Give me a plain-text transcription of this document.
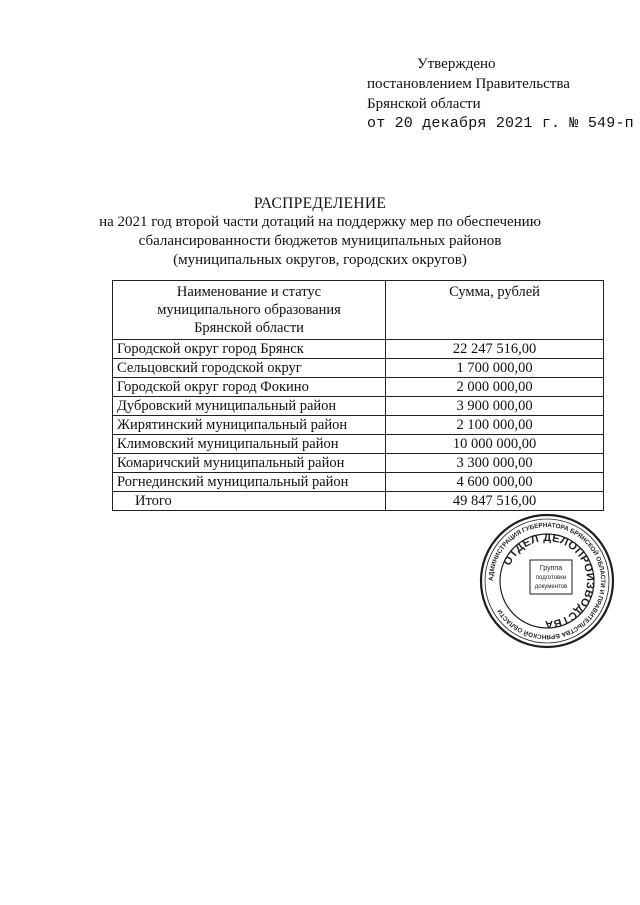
Утверждено
постановлением Правительства
Брянской области
от 20 декабря 2021 г. № 549-п
РАСПРЕДЕЛЕНИЕ
на 2021 год второй части дотаций на поддержку мер по обеспечению
сбалансированности бюджетов муниципальных районов
(муниципальных округов, городских округов)
Наименование и статус
муниципального образования
Брянской области	Сумма, рублей
Городской округ город Брянск	22 247 516,00
Сельцовский городской округ	1 700 000,00
Городской округ город Фокино	2 000 000,00
Дубровский муниципальный район	3 900 000,00
Жирятинский муниципальный район	2 100 000,00
Климовский муниципальный район	10 000 000,00
Комаричский муниципальный район	3 300 000,00
Рогнединский муниципальный район	4 600 000,00
Итого	49 847 516,00
АДМИНИСТРАЦИЯ ГУБЕРНАТОРА БРЯНСКОЙ ОБЛАСТИ И ПРАВИТЕЛЬСТВА БРЯНСКОЙ ОБЛАСТИ
ОТДЕЛ ДЕЛОПРОИЗВОДСТВА
Группа
подготовки
документов
